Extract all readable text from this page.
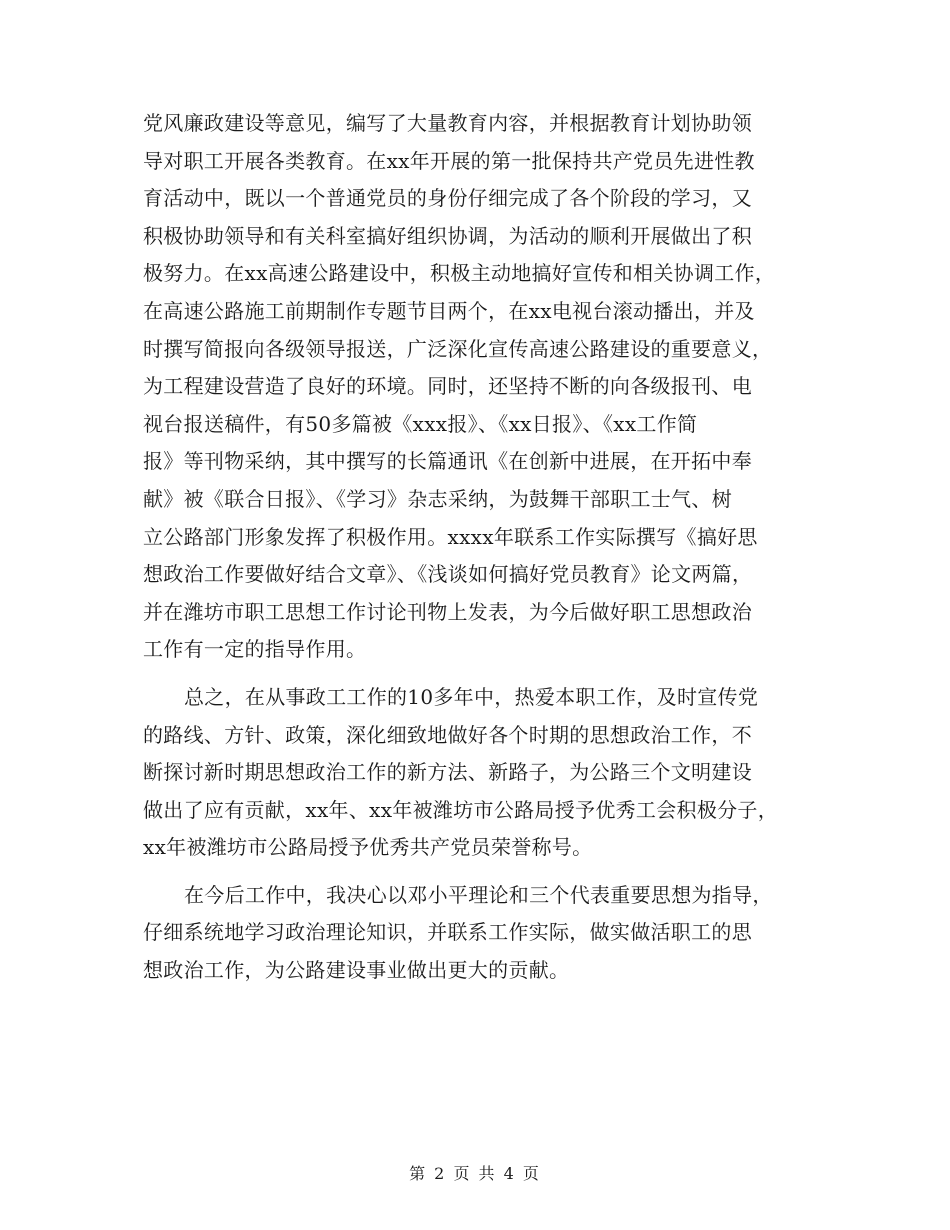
党风廉政建设等意见，编写了大量教育内容，并根据教育计划协助领
导对职工开展各类教育。在xx年开展的第一批保持共产党员先进性教
育活动中，既以一个普通党员的身份仔细完成了各个阶段的学习，又
积极协助领导和有关科室搞好组织协调，为活动的顺利开展做出了积
极努力。在xx高速公路建设中，积极主动地搞好宣传和相关协调工作，
在高速公路施工前期制作专题节目两个，在xx电视台滚动播出，并及
时撰写简报向各级领导报送，广泛深化宣传高速公路建设的重要意义，
为工程建设营造了良好的环境。同时，还坚持不断的向各级报刊、电
视台报送稿件，有50多篇被《xxx报》、《xx日报》、《xx工作简
报》等刊物采纳，其中撰写的长篇通讯《在创新中进展，在开拓中奉
献》被《联合日报》、《学习》杂志采纳，为鼓舞干部职工士气、树
立公路部门形象发挥了积极作用。xxxx年联系工作实际撰写《搞好思
想政治工作要做好结合文章》、《浅谈如何搞好党员教育》论文两篇，
并在潍坊市职工思想工作讨论刊物上发表，为今后做好职工思想政治
工作有一定的指导作用。
总之，在从事政工工作的10多年中，热爱本职工作，及时宣传党
的路线、方针、政策，深化细致地做好各个时期的思想政治工作，不
断探讨新时期思想政治工作的新方法、新路子，为公路三个文明建设
做出了应有贡献，xx年、xx年被潍坊市公路局授予优秀工会积极分子，
xx年被潍坊市公路局授予优秀共产党员荣誉称号。
在今后工作中，我决心以邓小平理论和三个代表重要思想为指导，
仔细系统地学习政治理论知识，并联系工作实际，做实做活职工的思
想政治工作，为公路建设事业做出更大的贡献。
第 2 页 共 4 页
